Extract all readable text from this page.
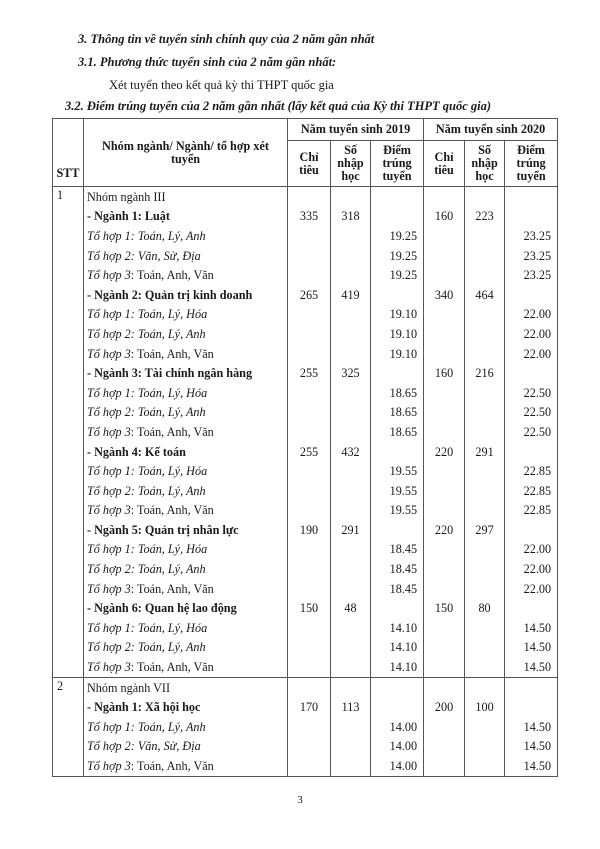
3. Thông tin về tuyển sinh chính quy của 2 năm gần nhất
3.1. Phương thức tuyển sinh của 2 năm gần nhất:
Xét tuyển theo kết quả kỳ thi THPT quốc gia
3.2. Điểm trúng tuyển của 2 năm gần nhất (lấy kết quả của Kỳ thi THPT quốc gia)
STT	Nhóm ngành/ Ngành/ tổ hợp xét tuyển	Năm tuyển sinh 2019			Năm tuyển sinh 2020		
		Chỉ tiêu	Số nhập học	Điểm trúng tuyển	Chỉ tiêu	Số nhập học	Điểm trúng tuyển
1	Nhóm ngành III						
	- Ngành 1: Luật	335	318		160	223	
	Tổ hợp 1: Toán, Lý, Anh			19.25			23.25
	Tổ hợp 2: Văn, Sử, Địa			19.25			23.25
	Tổ hợp 3: Toán, Anh, Văn			19.25			23.25
	- Ngành 2: Quản trị kinh doanh	265	419		340	464	
	Tổ hợp 1: Toán, Lý, Hóa			19.10			22.00
	Tổ hợp 2: Toán, Lý, Anh			19.10			22.00
	Tổ hợp 3: Toán, Anh, Văn			19.10			22.00
	- Ngành 3: Tài chính ngân hàng	255	325		160	216	
	Tổ hợp 1: Toán, Lý, Hóa			18.65			22.50
	Tổ hợp 2: Toán, Lý, Anh			18.65			22.50
	Tổ hợp 3: Toán, Anh, Văn			18.65			22.50
	- Ngành 4: Kế toán	255	432		220	291	
	Tổ hợp 1: Toán, Lý, Hóa			19.55			22.85
	Tổ hợp 2: Toán, Lý, Anh			19.55			22.85
	Tổ hợp 3: Toán, Anh, Văn			19.55			22.85
	- Ngành 5: Quản trị nhân lực	190	291		220	297	
	Tổ hợp 1: Toán, Lý, Hóa			18.45			22.00
	Tổ hợp 2: Toán, Lý, Anh			18.45			22.00
	Tổ hợp 3: Toán, Anh, Văn			18.45			22.00
	- Ngành 6: Quan hệ lao động	150	48		150	80	
	Tổ hợp 1: Toán, Lý, Hóa			14.10			14.50
	Tổ hợp 2: Toán, Lý, Anh			14.10			14.50
	Tổ hợp 3: Toán, Anh, Văn			14.10			14.50
2	Nhóm ngành VII						
	- Ngành 1: Xã hội học	170	113		200	100	
	Tổ hợp 1: Toán, Lý, Anh			14.00			14.50
	Tổ hợp 2: Văn, Sử, Địa			14.00			14.50
	Tổ hợp 3: Toán, Anh, Văn			14.00			14.50
3
